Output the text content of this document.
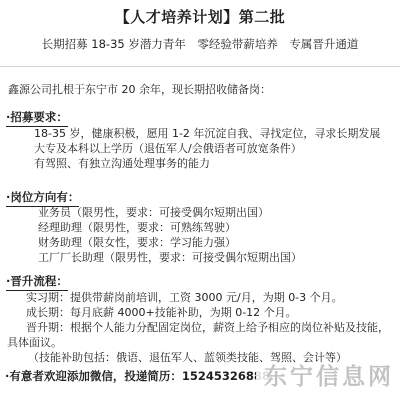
【人才培养计划】第二批
长期招募 18-35 岁潜力青年　零经验带薪培养　专属晋升通道
鑫源公司扎根于东宁市 20 余年，现长期招收储备岗：
·招募要求：
18-35 岁，健康积极，愿用 1-2 年沉淀自我、寻找定位，寻求长期发展
大专及本科以上学历（退伍军人/会俄语者可放宽条件）
有驾照、有独立沟通处理事务的能力
·岗位方向有：
业务员（限男性，要求：可接受偶尔短期出国）
经理助理（限男性，要求：可熟练驾驶）
财务助理（限女性，要求：学习能力强）
工厂厂长助理（限男性，要求：可接受偶尔短期出国）
·晋升流程：
实习期：提供带薪岗前培训，工资 3000 元/月，为期 0-3 个月。
成长期：每月底薪 4000+技能补助，为期 0-12 个月。
晋升期：根据个人能力分配固定岗位，薪资上给予相应的岗位补贴及技能，
具体面议。
（技能补助包括：俄语、退伍军人、蓝领类技能、驾照、会计等）
·有意者欢迎添加微信，投递简历：15245326888
东宁信息网
